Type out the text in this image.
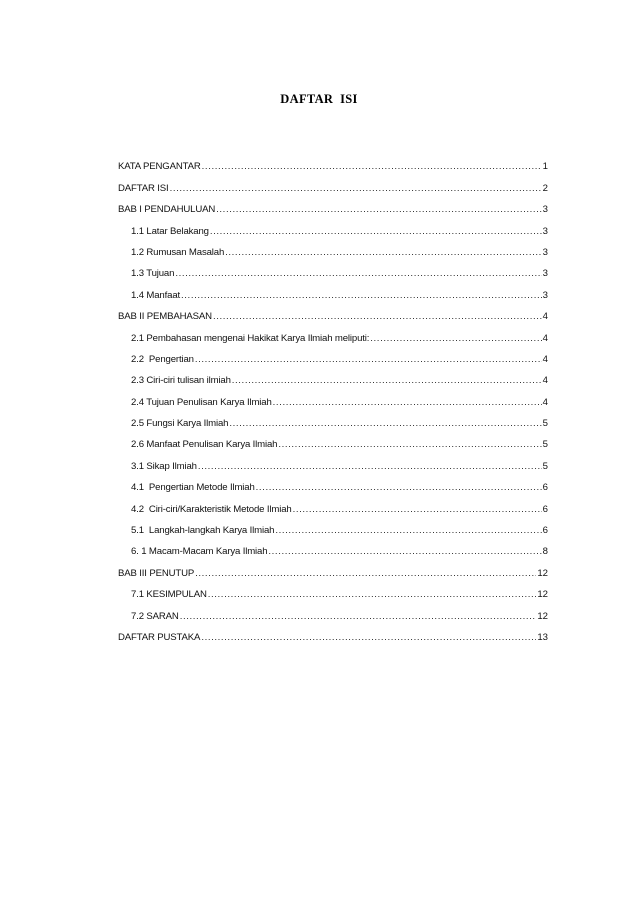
DAFTAR  ISI
KATA PENGANTAR .....	1
DAFTAR ISI .....	2
BAB I PENDAHULUAN .....	3
1.1 Latar Belakang .....	3
1.2 Rumusan Masalah .....	3
1.3 Tujuan .....	3
1.4 Manfaat .....	3
BAB II PEMBAHASAN .....	4
2.1 Pembahasan mengenai Hakikat Karya Ilmiah meliputi: .....	4
2.2  Pengertian .....	4
2.3 Ciri-ciri tulisan ilmiah .....	4
2.4 Tujuan Penulisan Karya Ilmiah .....	4
2.5 Fungsi Karya Ilmiah .....	5
2.6 Manfaat Penulisan Karya Ilmiah .....	5
3.1 Sikap Ilmiah .....	5
4.1  Pengertian Metode Ilmiah .....	6
4.2  Ciri-ciri/Karakteristik Metode Ilmiah .....	6
5.1  Langkah-langkah Karya Ilmiah .....	6
6. 1 Macam-Macam Karya Ilmiah .....	8
BAB III PENUTUP .....	12
7.1 KESIMPULAN .....	12
7.2 SARAN .....	12
DAFTAR PUSTAKA .....	13
